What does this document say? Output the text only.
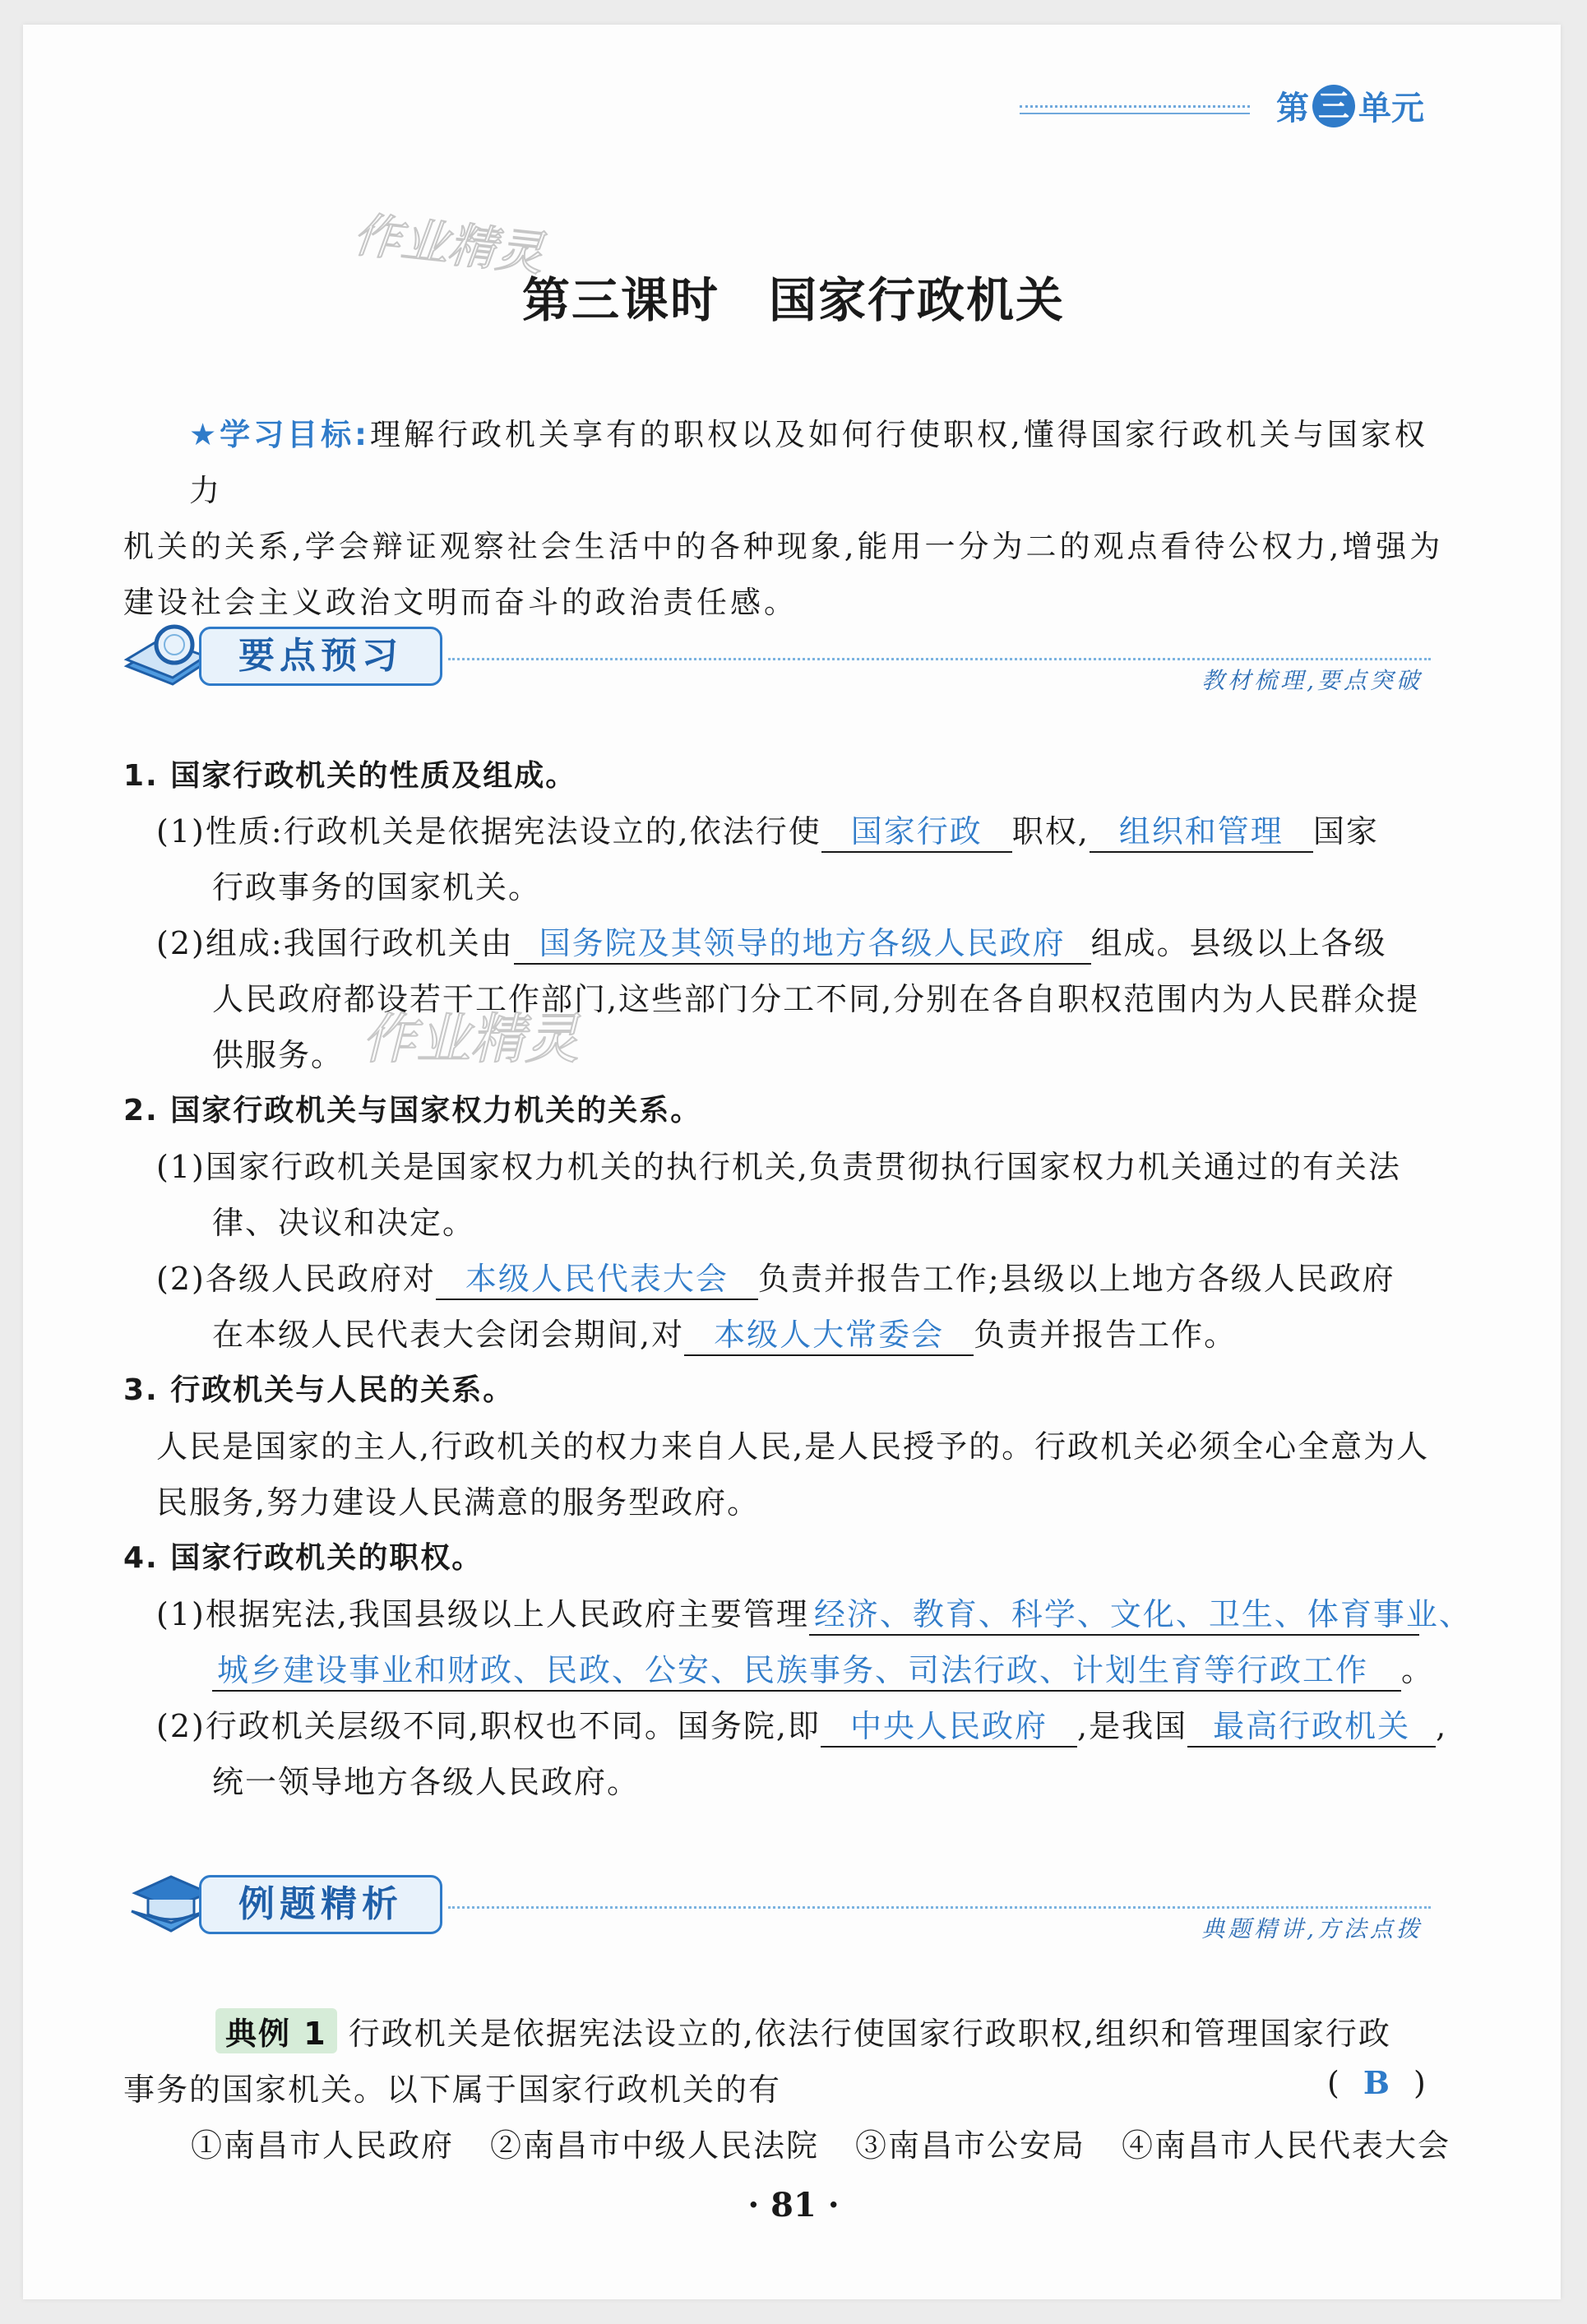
第 三 单元
作业精灵
作业精灵
第三课时 国家行政机关
★学习目标:理解行政机关享有的职权以及如何行使职权,懂得国家行政机关与国家权力
机关的关系,学会辩证观察社会生活中的各种现象,能用一分为二的观点看待公权力,增强为
建设社会主义政治文明而奋斗的政治责任感。
要点预习
教材梳理,要点突破
1. 国家行政机关的性质及组成。
(1)性质:行政机关是依据宪法设立的,依法行使 国家行政 职权, 组织和管理 国家
行政事务的国家机关。
(2)组成:我国行政机关由 国务院及其领导的地方各级人民政府 组成。县级以上各级
人民政府都设若干工作部门,这些部门分工不同,分别在各自职权范围内为人民群众提
供服务。
2. 国家行政机关与国家权力机关的关系。
(1)国家行政机关是国家权力机关的执行机关,负责贯彻执行国家权力机关通过的有关法
律、决议和决定。
(2)各级人民政府对 本级人民代表大会 负责并报告工作;县级以上地方各级人民政府
在本级人民代表大会闭会期间,对 本级人大常委会 负责并报告工作。
3. 行政机关与人民的关系。
人民是国家的主人,行政机关的权力来自人民,是人民授予的。行政机关必须全心全意为人
民服务,努力建设人民满意的服务型政府。
4. 国家行政机关的职权。
(1)根据宪法,我国县级以上人民政府主要管理 经济、教育、科学、文化、卫生、体育事业、
城乡建设事业和财政、民政、公安、民族事务、司法行政、计划生育等行政工作 。
(2)行政机关层级不同,职权也不同。国务院,即 中央人民政府 ,是我国 最高行政机关 ,
统一领导地方各级人民政府。
例题精析
典题精讲,方法点拨
典例 1 行政机关是依据宪法设立的,依法行使国家行政职权,组织和管理国家行政
事务的国家机关。以下属于国家行政机关的有	( B )
①南昌市人民政府 ②南昌市中级人民法院 ③南昌市公安局 ④南昌市人民代表大会
· 81 ·
